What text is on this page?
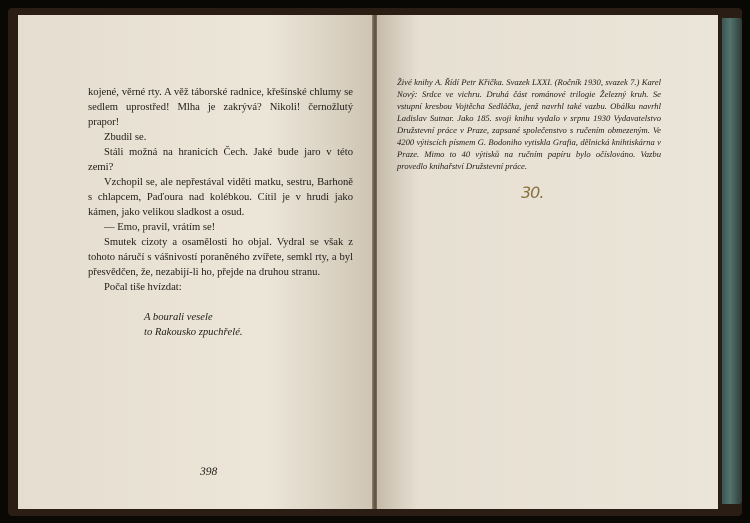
kojené, věrné rty. A věž táborské radnice, křešínské chlumy se sedlem uprostřed! Mlha je zakrývá? Nikoli! černožlutý prapor!

Zbudil se.

Stáli možná na hranicích Čech. Jaké bude jaro v této zemi?

Vzchopil se, ale nepřestával viděti matku, sestru, Barhoně s chlapcem, Paďoura nad kolébkou. Cítil je v hrudi jako kámen, jako velikou sladkost a osud.

— Emo, pravil, vrátím se!

Smutek cizoty a osamělosti ho objal. Vydral se však z tohoto náručí s vášnivostí poraněného zvířete, semkl rty, a byl přesvědčen, že, nezabijí-li ho, přejde na druhou stranu.

Počal tiše hvízdat:

A bourali vesele
to Rakousko zpuchřelé.
398
Živé knihy A. Řídí Petr Křička. Svazek LXXI. (Ročník 1930, svazek 7.) Karel Nový: Srdce ve vichru. Druhá část románové trilogie Železný kruh. Se vstupní kresbou Vojtěcha Sedláčka, jenž navrhl také vazbu. Obálku navrhl Ladislav Sutnar. Jako 185. svoji knihu vydalo v srpnu 1930 Vydavatelstvo Družstevní práce v Praze, zapsané společenstvo s ručením obmezeným. Ve 4200 výtiscích písmem G. Bodoniho vytiskla Grafia, dělnická knihtiskárna v Praze. Mimo to 40 výtisků na ručním papíru bylo očíslováno. Vazbu provedlo knihařství Družstevní práce.
30.
